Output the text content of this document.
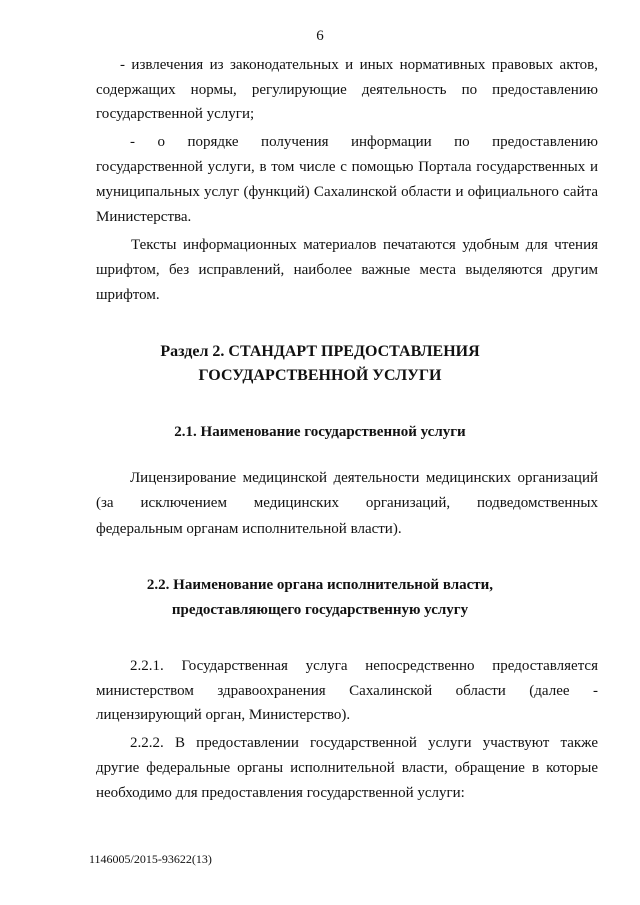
6
- извлечения из законодательных и иных нормативных правовых актов,
содержащих нормы, регулирующие деятельность по предоставлению
государственной услуги;
- о порядке получения информации по предоставлению
государственной услуги, в том числе с помощью Портала государственных и
муниципальных услуг (функций) Сахалинской области и официального сайта
Министерства.
Тексты информационных материалов печатаются удобным для чтения
шрифтом, без исправлений, наиболее важные места выделяются другим
шрифтом.
Раздел 2. СТАНДАРТ ПРЕДОСТАВЛЕНИЯ
ГОСУДАРСТВЕННОЙ УСЛУГИ
2.1. Наименование государственной услуги
Лицензирование медицинской деятельности медицинских организаций
(за исключением медицинских организаций, подведомственных
федеральным органам исполнительной власти).
2.2. Наименование органа исполнительной власти,
предоставляющего государственную услугу
2.2.1. Государственная услуга непосредственно предоставляется
министерством здравоохранения Сахалинской области (далее -
лицензирующий орган, Министерство).
2.2.2. В предоставлении государственной услуги участвуют также
другие федеральные органы исполнительной власти, обращение в которые
необходимо для предоставления государственной услуги:
1146005/2015-93622(13)
